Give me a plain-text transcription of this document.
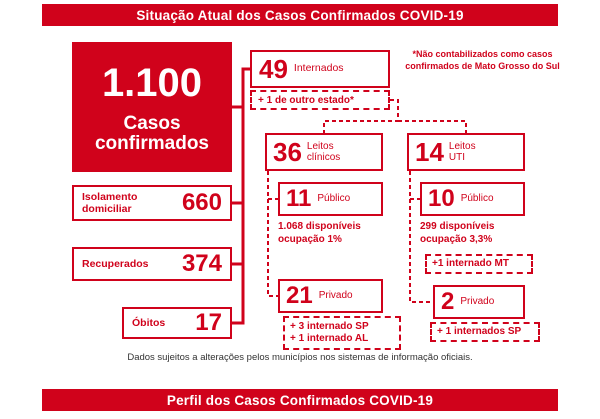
Situação Atual dos Casos Confirmados COVID-19
1.100
Casos
confirmados
Isolamento
domiciliar	660
Recuperados	374
Óbitos	17
49 Internados
+ 1 de outro estado*
*Não contabilizados como casos confirmados de Mato Grosso do Sul
36 Leitos
clínicos
11 Público
1.068 disponíveis
ocupação 1%
21 Privado
+ 3 internado SP
+ 1 internado AL
14 Leitos
UTI
10 Público
299 disponíveis
ocupação 3,3%
+1 internado MT
2 Privado
+ 1 internados SP
Dados sujeitos a alterações pelos municípios nos sistemas de informação oficiais.
Perfil dos Casos Confirmados COVID-19
